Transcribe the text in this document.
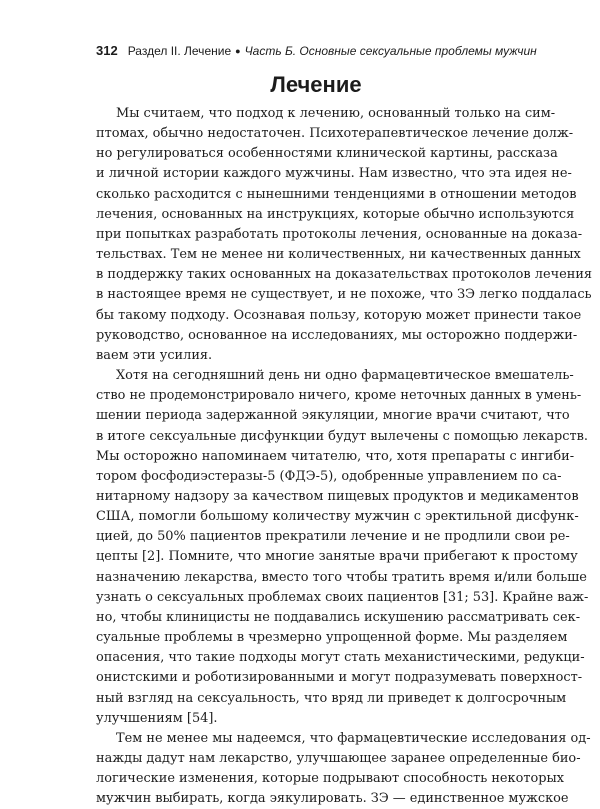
312 Раздел II. Лечение ● Часть Б. Основные сексуальные проблемы мужчин
Лечение

Мы считаем, что подход к лечению, основанный только на сим-
птомах, обычно недостаточен. Психотерапевтическое лечение долж-
но регулироваться особенностями клинической картины, рассказа
и личной истории каждого мужчины. Нам известно, что эта идея не-
сколько расходится с нынешними тенденциями в отношении методов
лечения, основанных на инструкциях, которые обычно используются
при попытках разработать протоколы лечения, основанные на доказа-
тельствах. Тем не менее ни количественных, ни качественных данных
в поддержку таких основанных на доказательствах протоколов лечения
в настоящее время не существует, и не похоже, что ЗЭ легко поддалась
бы такому подходу. Осознавая пользу, которую может принести такое
руководство, основанное на исследованиях, мы осторожно поддержи-
ваем эти усилия.

Хотя на сегодняшний день ни одно фармацевтическое вмешатель-
ство не продемонстрировало ничего, кроме неточных данных в умень-
шении периода задержанной эякуляции, многие врачи считают, что
в итоге сексуальные дисфункции будут вылечены с помощью лекарств.
Мы осторожно напоминаем читателю, что, хотя препараты с ингиби-
тором фосфодиэстеразы-5 (ФДЭ-5), одобренные управлением по са-
нитарному надзору за качеством пищевых продуктов и медикаментов
США, помогли большому количеству мужчин с эректильной дисфунк-
цией, до 50% пациентов прекратили лечение и не продлили свои ре-
цепты [2]. Помните, что многие занятые врачи прибегают к простому
назначению лекарства, вместо того чтобы тратить время и/или больше
узнать о сексуальных проблемах своих пациентов [31; 53]. Крайне важ-
но, чтобы клиницисты не поддавались искушению рассматривать сек-
суальные проблемы в чрезмерно упрощенной форме. Мы разделяем
опасения, что такие подходы могут стать механистическими, редукци-
онистскими и роботизированными и могут подразумевать поверхност-
ный взгляд на сексуальность, что вряд ли приведет к долгосрочным
улучшениям [54].

Тем не менее мы надеемся, что фармацевтические исследования од-
нажды дадут нам лекарство, улучшающее заранее определенные био-
логические изменения, которые подрывают способность некоторых
мужчин выбирать, когда эякулировать. ЗЭ — единственное мужское
